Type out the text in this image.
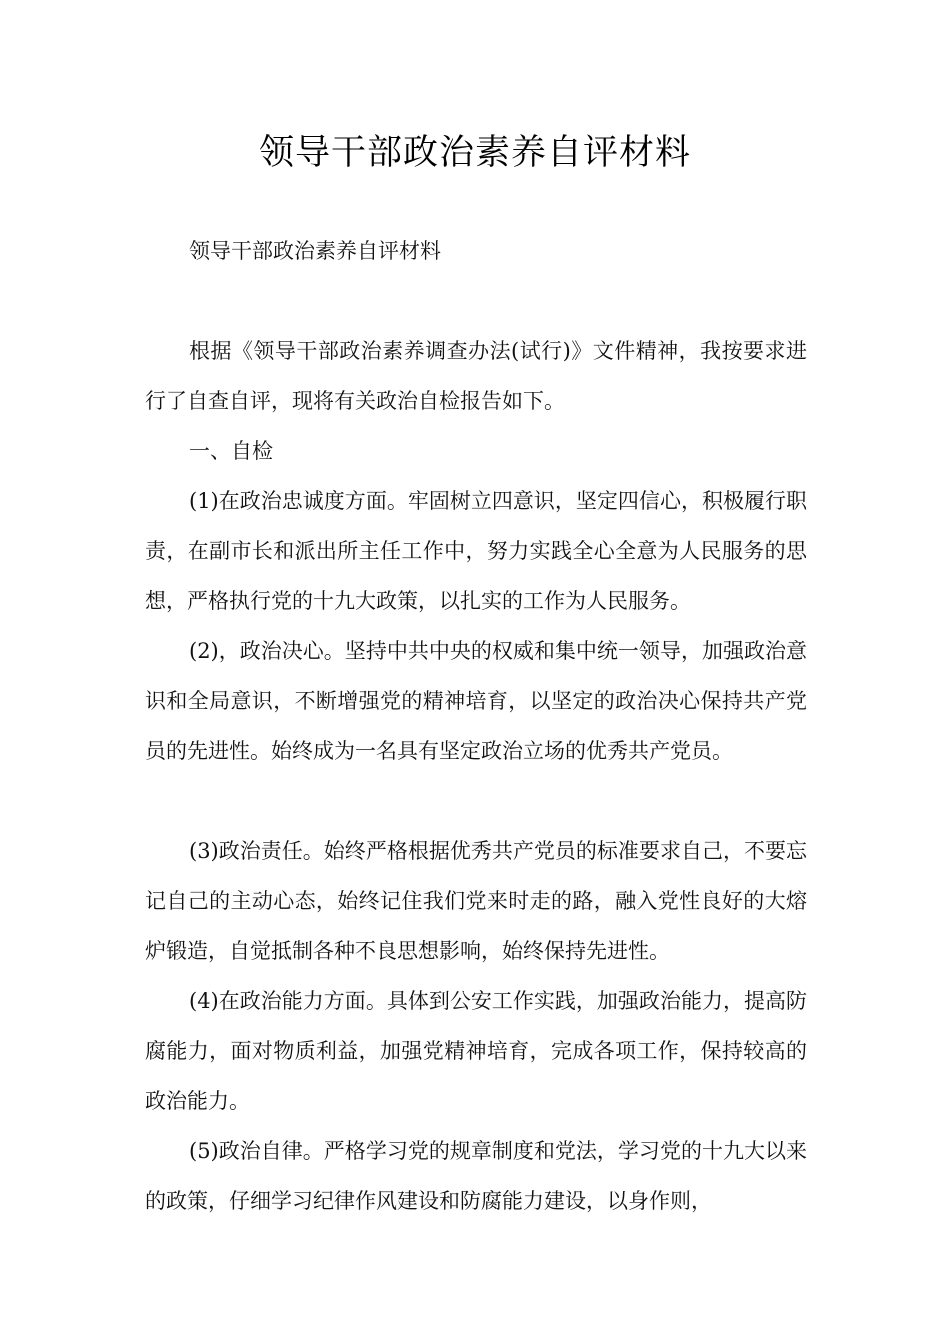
领导干部政治素养自评材料

领导干部政治素养自评材料

根据《领导干部政治素养调查办法(试行)》文件精神，我按要求进行了自查自评，现将有关政治自检报告如下。

一、自检

(1)在政治忠诚度方面。牢固树立四意识，坚定四信心，积极履行职责，在副市长和派出所主任工作中，努力实践全心全意为人民服务的思想，严格执行党的十九大政策，以扎实的工作为人民服务。

(2)，政治决心。坚持中共中央的权威和集中统一领导，加强政治意识和全局意识，不断增强党的精神培育，以坚定的政治决心保持共产党员的先进性。始终成为一名具有坚定政治立场的优秀共产党员。

(3)政治责任。始终严格根据优秀共产党员的标准要求自己，不要忘记自己的主动心态，始终记住我们党来时走的路，融入党性良好的大熔炉锻造，自觉抵制各种不良思想影响，始终保持先进性。

(4)在政治能力方面。具体到公安工作实践，加强政治能力，提高防腐能力，面对物质利益，加强党精神培育，完成各项工作，保持较高的政治能力。

(5)政治自律。严格学习党的规章制度和党法，学习党的十九大以来的政策，仔细学习纪律作风建设和防腐能力建设，以身作则，
